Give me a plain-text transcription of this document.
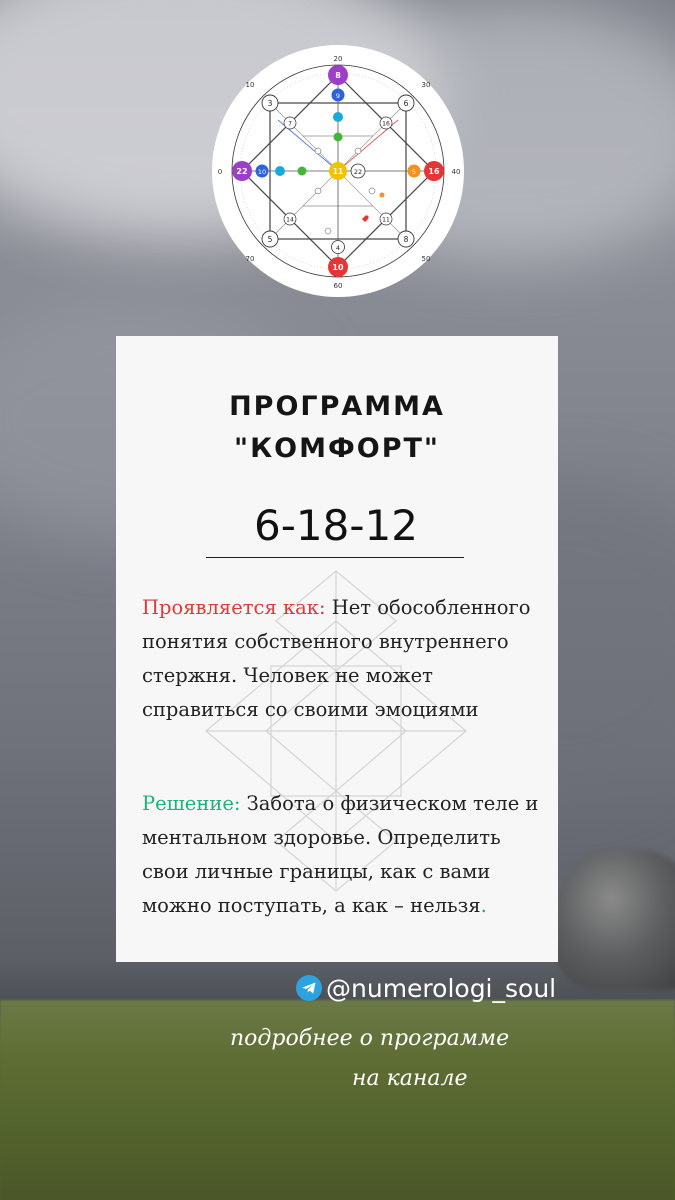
20
60
0	40
30
50
70
10
8
9
10
4
22 10	16
5
11 22
3	6
5	8
7	16
14	11
ПРОГРАММА
"КОМФОРТ"
6-18-12

Проявляется как: Нет обособленного понятия собственного внутреннего стержня. Человек не может справиться со своими эмоциями

Решение: Забота о физическом теле и ментальном здоровье. Определить свои личные границы, как с вами можно поступать, а как – нельзя.

@numerologi_soul
подробнее о программе
на канале
